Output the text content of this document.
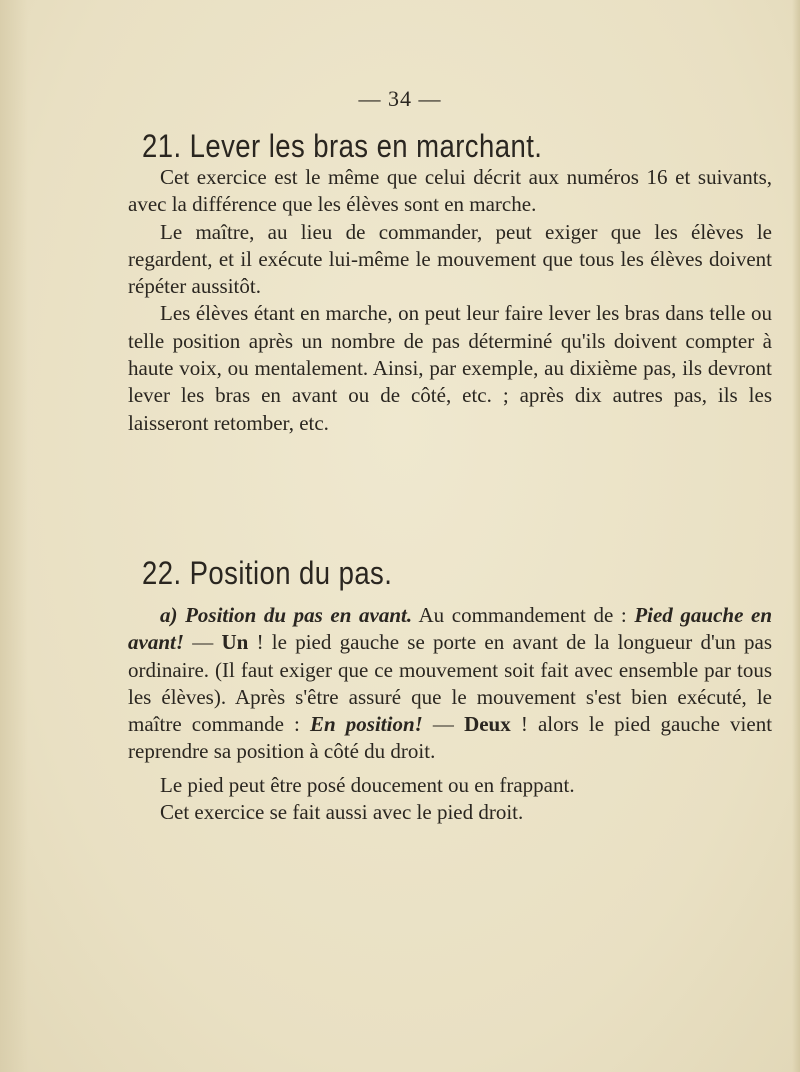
— 34 —
21. Lever les bras en marchant.

Cet exercice est le même que celui décrit aux numéros 16 et suivants, avec la différence que les élèves sont en marche.

Le maître, au lieu de commander, peut exiger que les élèves le regardent, et il exécute lui-même le mouvement que tous les élèves doivent répéter aussitôt.

Les élèves étant en marche, on peut leur faire lever les bras dans telle ou telle position après un nombre de pas déterminé qu'ils doivent compter à haute voix, ou mentalement. Ainsi, par exemple, au dixième pas, ils devront lever les bras en avant ou de côté, etc. ; après dix autres pas, ils les laisseront retomber, etc.

22. Position du pas.

a) Position du pas en avant. Au commandement de : Pied gauche en avant! — Un ! le pied gauche se porte en avant de la longueur d'un pas ordinaire. (Il faut exiger que ce mouvement soit fait avec ensemble par tous les élèves). Après s'être assuré que le mouvement s'est bien exécuté, le maître commande : En position! — Deux ! alors le pied gauche vient reprendre sa position à côté du droit.

Le pied peut être posé doucement ou en frappant.

Cet exercice se fait aussi avec le pied droit.
